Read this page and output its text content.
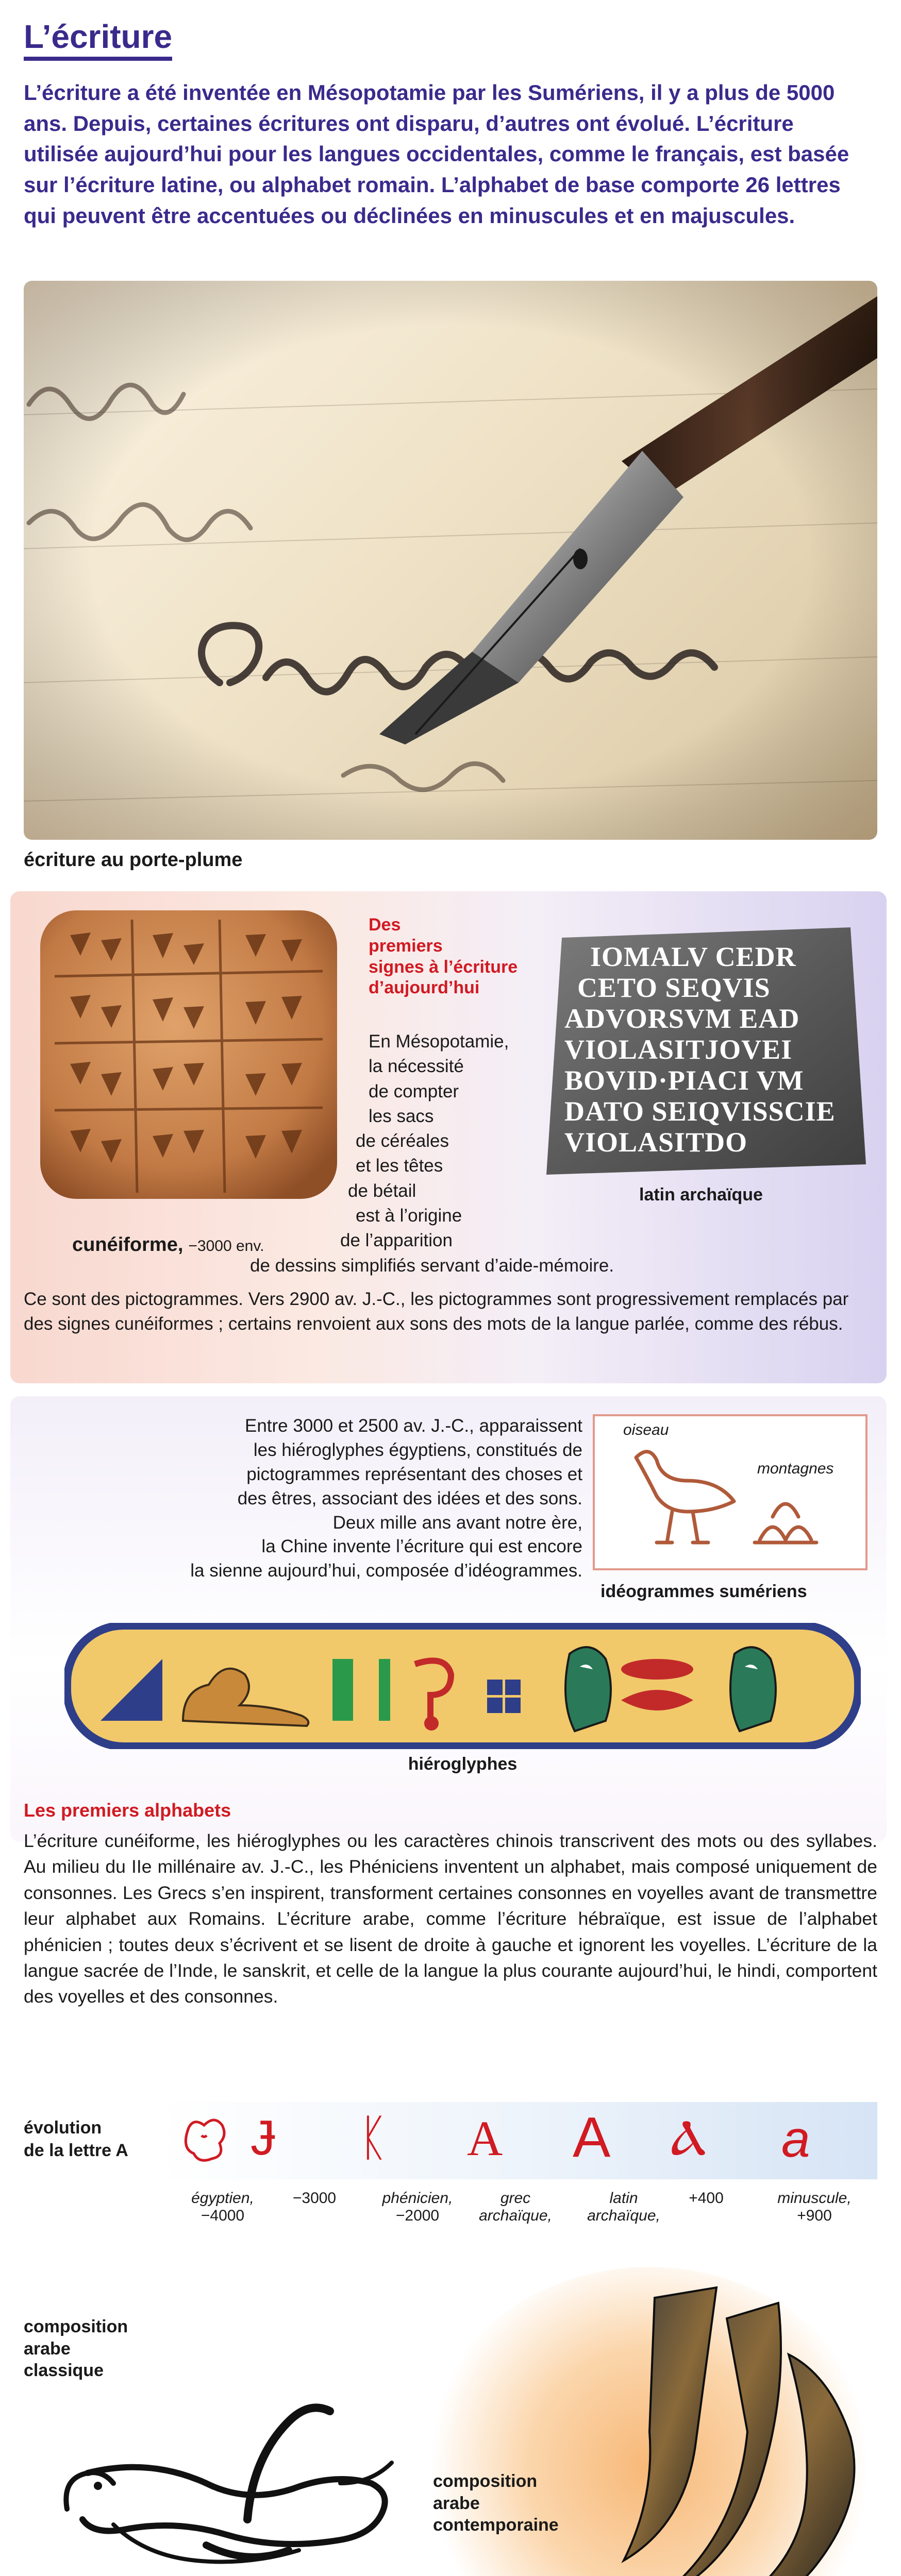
L’écriture
L’écriture a été inventée en Mésopotamie par les Sumériens, il y a plus de 5000 ans. Depuis, certaines écritures ont disparu, d’autres ont évolué. L’écriture utilisée aujourd’hui pour les langues occidentales, comme le français, est basée sur l’écriture latine, ou alphabet romain. L’alphabet de base comporte 26 lettres qui peuvent être accentuées ou déclinées en minuscules et en majuscules.
écriture au porte-plume
cunéiforme, −3000 env.
Des
premiers
signes à l’écriture
d’aujourd’hui
En Mésopotamie,
la nécessité
de compter
les sacs
de céréales
et les têtes
de bétail
est à l’origine
de l’apparition
de dessins simplifiés servant d’aide-mémoire.
IOMALV CEDR
CETO SEQVIS
ADVORSVM EAD
VIOLASITJOVEI
BOVID·PIACI VM
DATO SEIQVISSCIE
VIOLASITDO
latin archaïque
Ce sont des pictogrammes. Vers 2900 av. J.-C., les pictogrammes sont progressivement remplacés par des signes cunéiformes ; certains renvoient aux sons des mots de la langue parlée, comme des rébus.
Entre 3000 et 2500 av. J.-C., apparaissent
les hiéroglyphes égyptiens, constitués de
pictogrammes représentant des choses et
des êtres, associant des idées et des sons.
Deux mille ans avant notre ère,
la Chine invente l’écriture qui est encore
la sienne aujourd’hui, composée d’idéogrammes.
oiseau
montagnes
idéogrammes sumériens
hiéroglyphes
Les premiers alphabets
L’écriture cunéiforme, les hiéroglyphes ou les caractères chinois transcrivent des mots ou des syllabes. Au milieu du IIe millénaire av. J.-C., les Phéniciens inventent un alphabet, mais composé uniquement de consonnes. Les Grecs s’en inspirent, transforment certaines consonnes en voyelles avant de transmettre leur alphabet aux Romains. L’écriture arabe, comme l’écriture hébraïque, est issue de l’alphabet phénicien ; toutes deux s’écrivent et se lisent de droite à gauche et ignorent les voyelles. L’écriture de la langue sacrée de l’Inde, le sanskrit, et celle de la langue la plus courante aujourd’hui, le hindi, comportent des voyelles et des consonnes.
évolution
de la lettre A Ɉ ᛕ A A Ⲁ a
égyptien,
−4000
−3000	phénicien,
−2000
grec
archaïque,
latin
archaïque,
+400	minuscule,
+900
composition
arabe
classique
composition
arabe
contemporaine
